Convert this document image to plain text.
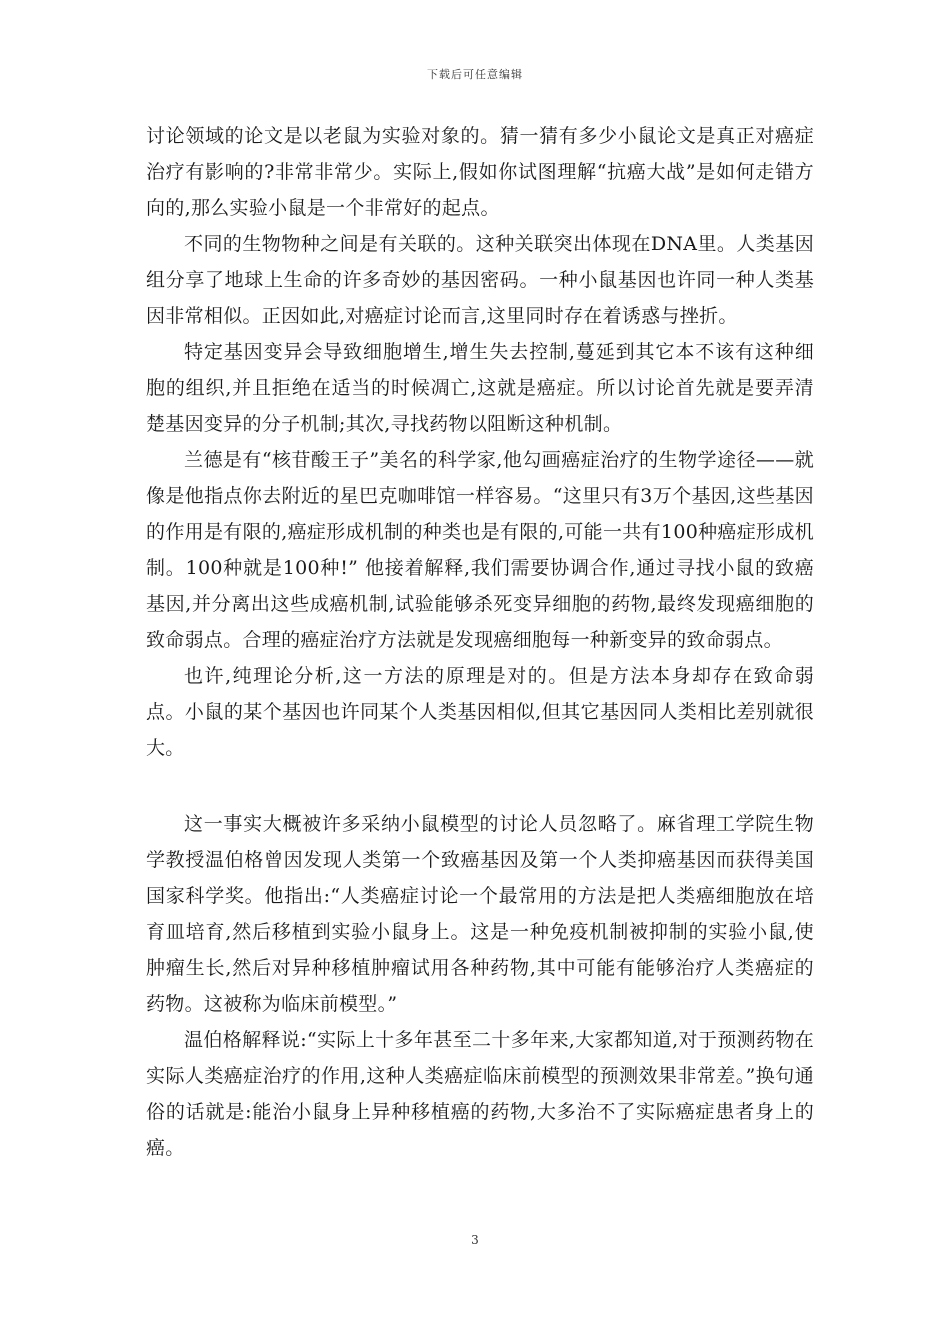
下载后可任意编辑

讨论领域的论文是以老鼠为实验对象的。猜一猜有多少小鼠论文是真正对癌症治疗有影响的?非常非常少。实际上,假如你试图理解“抗癌大战”是如何走错方向的,那么实验小鼠是一个非常好的起点。

不同的生物物种之间是有关联的。这种关联突出体现在DNA里。人类基因组分享了地球上生命的许多奇妙的基因密码。一种小鼠基因也许同一种人类基因非常相似。正因如此,对癌症讨论而言,这里同时存在着诱惑与挫折。

特定基因变异会导致细胞增生,增生失去控制,蔓延到其它本不该有这种细胞的组织,并且拒绝在适当的时候凋亡,这就是癌症。所以讨论首先就是要弄清楚基因变异的分子机制;其次,寻找药物以阻断这种机制。

兰德是有“核苷酸王子”美名的科学家,他勾画癌症治疗的生物学途径——就像是他指点你去附近的星巴克咖啡馆一样容易。“这里只有3万个基因,这些基因的作用是有限的,癌症形成机制的种类也是有限的,可能一共有100种癌症形成机制。100种就是100种!” 他接着解释,我们需要协调合作,通过寻找小鼠的致癌基因,并分离出这些成癌机制,试验能够杀死变异细胞的药物,最终发现癌细胞的致命弱点。合理的癌症治疗方法就是发现癌细胞每一种新变异的致命弱点。

也许,纯理论分析,这一方法的原理是对的。但是方法本身却存在致命弱点。小鼠的某个基因也许同某个人类基因相似,但其它基因同人类相比差别就很大。

这一事实大概被许多采纳小鼠模型的讨论人员忽略了。麻省理工学院生物学教授温伯格曾因发现人类第一个致癌基因及第一个人类抑癌基因而获得美国国家科学奖。他指出:“人类癌症讨论一个最常用的方法是把人类癌细胞放在培育皿培育,然后移植到实验小鼠身上。这是一种免疫机制被抑制的实验小鼠,使肿瘤生长,然后对异种移植肿瘤试用各种药物,其中可能有能够治疗人类癌症的药物。这被称为临床前模型。”

温伯格解释说:“实际上十多年甚至二十多年来,大家都知道,对于预测药物在实际人类癌症治疗的作用,这种人类癌症临床前模型的预测效果非常差。”换句通俗的话就是:能治小鼠身上异种移植癌的药物,大多治不了实际癌症患者身上的癌。

3
